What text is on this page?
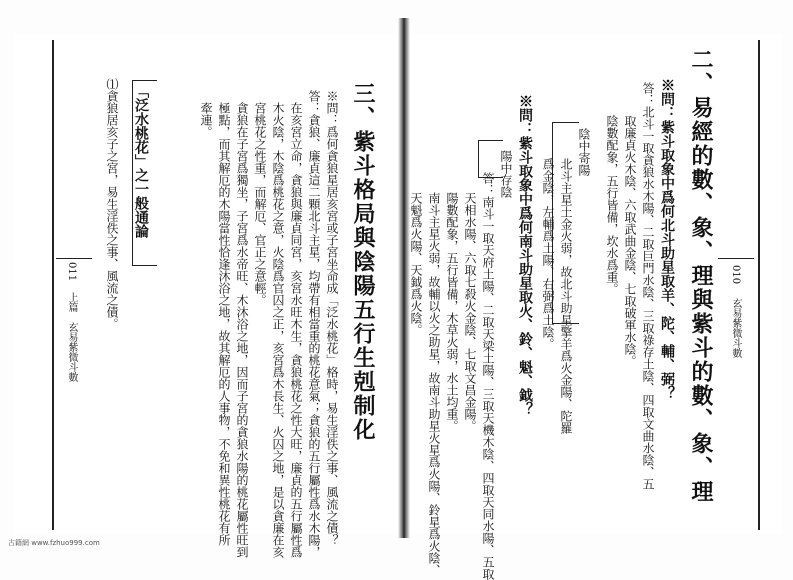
010
玄易紫微斗數
二、易經的數、象、理與紫斗的數、象、理
※問：紫斗取象中爲何北斗助星取羊、陀、輔、弼？
答：北斗一取貪狼水木陽、二取巨門水陰、三取祿存土陰、四取文曲水陰、五
取廉貞火木陰、六取武曲金陰、七取破軍水陰。
陰數配象，五行皆備，坎水爲重。
陰中寄陽
北斗主星土金火弱，故北斗助星擎羊爲火金陽、陀羅
爲金陰，左輔爲土陽、右弼爲土陰。
※問：紫斗取象中爲何南斗助星取火、鈴、魁、鉞？
陽中存陰
答：南斗一取天府土陽、二取天梁土陽、三取天機木陰、四取天同水陽、五取
天相水陽、六取七殺火金陰、七取文昌金陽。
陽數配象，五行皆備，木草火弱，水土均重。
南斗主星火弱，故輔以火之助星，故南斗助星火星爲火陽、鈴星爲火陰、
天魁爲火陽、天鉞爲火陰。
三、紫斗格局與陰陽五行生剋制化
※問：爲何貪狼星居亥宮或子宮坐命成「泛水桃花」格時，易生淫佚之事、風流之債？
答：貪狼、廉貞這二顆北斗主星，均帶有相當重的桃花意氣；貪狼的五行屬性爲水木陽，
在亥宮立命，貪狼與廉貞同宮，亥宮水旺木生，貪狼桃花之性大旺，廉貞的五行屬性爲
木火陰，木陰爲桃花之意，火陰爲官囚之正，亥宮爲木長生、火囚之地，是以貪廉在亥
宮桃花之性重，而解厄、官正之意輕。
貪狼在子宮爲獨坐，子宮爲水帝旺、木沐浴之地，因而子宮的貪狼水陽的桃花屬性旺到
極點，而其解厄的木陽當性恰逢沐浴之地，故其解厄的人事物，不免和異性桃花有所
牽連。
「泛水桃花」之一般通論
⑴貪狼居亥子之宮，易生淫佚之事、風流之債。
011
上篇　玄易紫微斗數
古籍網 www.fzhuo999.com
